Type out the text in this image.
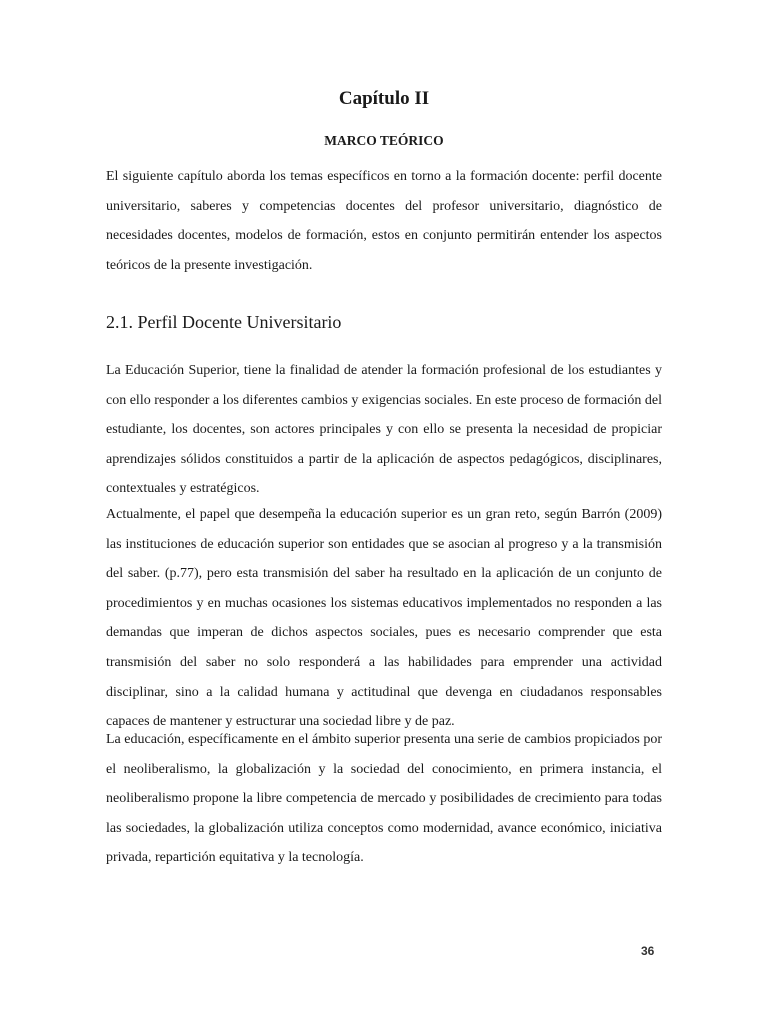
Capítulo II
MARCO TEÓRICO

El siguiente capítulo aborda los temas específicos en torno a la formación docente: perfil docente universitario, saberes y competencias docentes del profesor universitario, diagnóstico de necesidades docentes, modelos de formación, estos en conjunto permitirán entender los aspectos teóricos de la presente investigación.

2.1. Perfil Docente Universitario

La Educación Superior, tiene la finalidad de atender la formación profesional de los estudiantes y con ello responder a los diferentes cambios y exigencias sociales. En este proceso de formación del estudiante, los docentes, son actores principales y con ello se presenta la necesidad de propiciar aprendizajes sólidos constituidos a partir de la aplicación de aspectos pedagógicos, disciplinares, contextuales y estratégicos.

Actualmente, el papel que desempeña la educación superior es un gran reto, según Barrón (2009) las instituciones de educación superior son entidades que se asocian al progreso y a la transmisión del saber. (p.77), pero esta transmisión del saber ha resultado en la aplicación de un conjunto de procedimientos y en muchas ocasiones los sistemas educativos implementados no responden a las demandas que imperan de dichos aspectos sociales, pues es necesario comprender que esta transmisión del saber no solo responderá a las habilidades para emprender una actividad disciplinar, sino a la calidad humana y actitudinal que devenga en ciudadanos responsables capaces de mantener y estructurar una sociedad libre y de paz.

La educación, específicamente en el ámbito superior presenta una serie de cambios propiciados por el neoliberalismo, la globalización y la sociedad del conocimiento, en primera instancia, el neoliberalismo propone la libre competencia de mercado y posibilidades de crecimiento para todas las sociedades, la globalización utiliza conceptos como modernidad, avance económico, iniciativa privada, repartición equitativa y la tecnología.

36
